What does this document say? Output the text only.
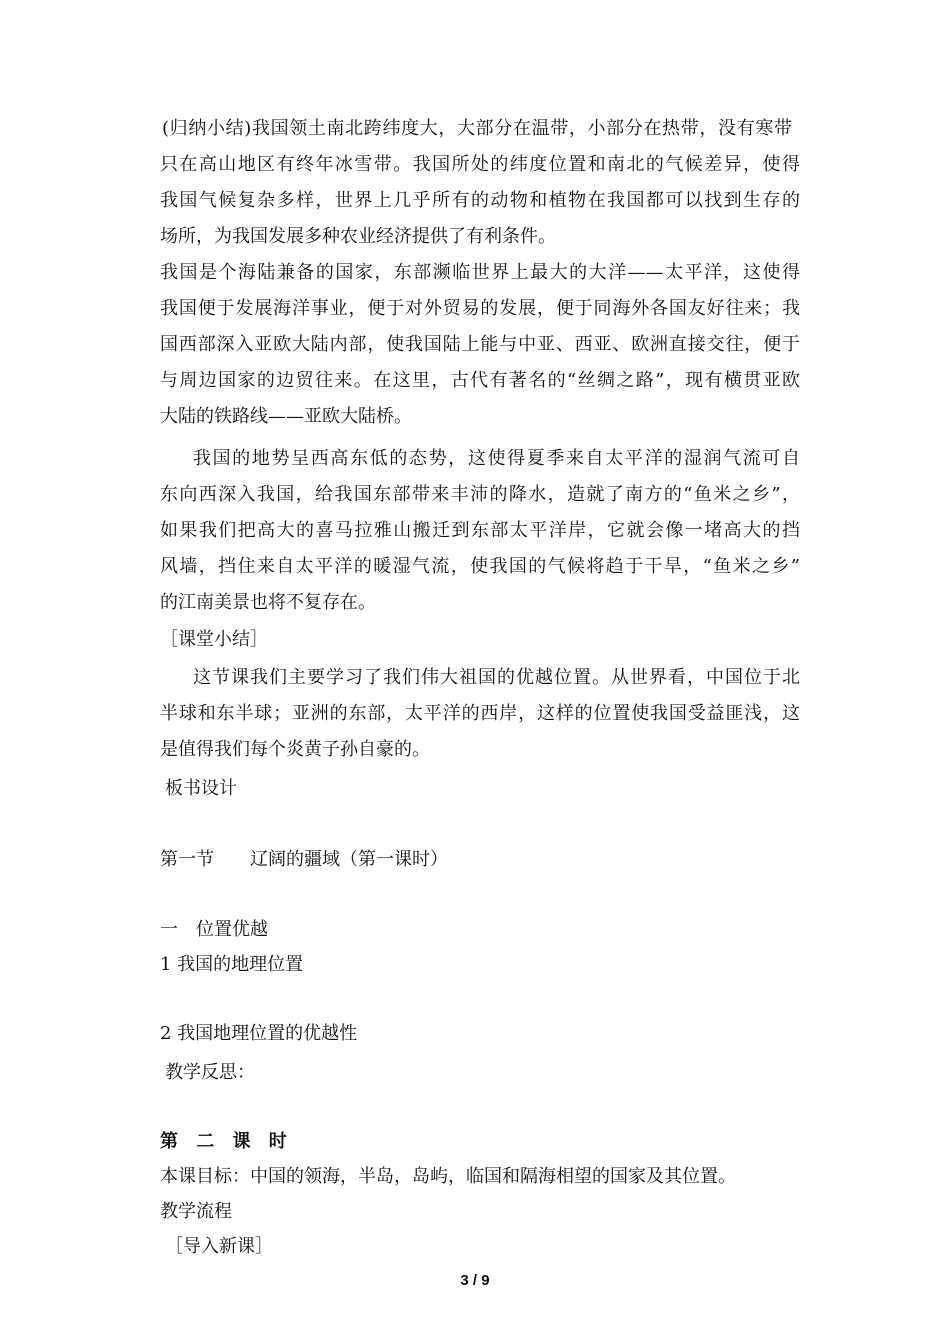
(归纳小结)我国领土南北跨纬度大，大部分在温带，小部分在热带，没有寒带
只在高山地区有终年冰雪带。我国所处的纬度位置和南北的气候差异，使得
我国气候复杂多样，世界上几乎所有的动物和植物在我国都可以找到生存的
场所，为我国发展多种农业经济提供了有利条件。
我国是个海陆兼备的国家，东部濒临世界上最大的大洋——太平洋，这使得
我国便于发展海洋事业，便于对外贸易的发展，便于同海外各国友好往来；我
国西部深入亚欧大陆内部，使我国陆上能与中亚、西亚、欧洲直接交往，便于
与周边国家的边贸往来。在这里，古代有著名的“丝绸之路”，现有横贯亚欧
大陆的铁路线——亚欧大陆桥。
我国的地势呈西高东低的态势，这使得夏季来自太平洋的湿润气流可自
东向西深入我国，给我国东部带来丰沛的降水，造就了南方的“鱼米之乡”，
如果我们把高大的喜马拉雅山搬迁到东部太平洋岸，它就会像一堵高大的挡
风墙，挡住来自太平洋的暖湿气流，使我国的气候将趋于干旱，“鱼米之乡”
的江南美景也将不复存在。
［课堂小结］
这节课我们主要学习了我们伟大祖国的优越位置。从世界看，中国位于北
半球和东半球；亚洲的东部，太平洋的西岸，这样的位置使我国受益匪浅，这
是值得我们每个炎黄子孙自豪的。
板书设计
第一节　　辽阔的疆域（第一课时）
一　位置优越
1 我国的地理位置
2 我国地理位置的优越性
教学反思：
第 二 课 时
本课目标：中国的领海，半岛，岛屿，临国和隔海相望的国家及其位置。
教学流程
［导入新课］
3 / 9
